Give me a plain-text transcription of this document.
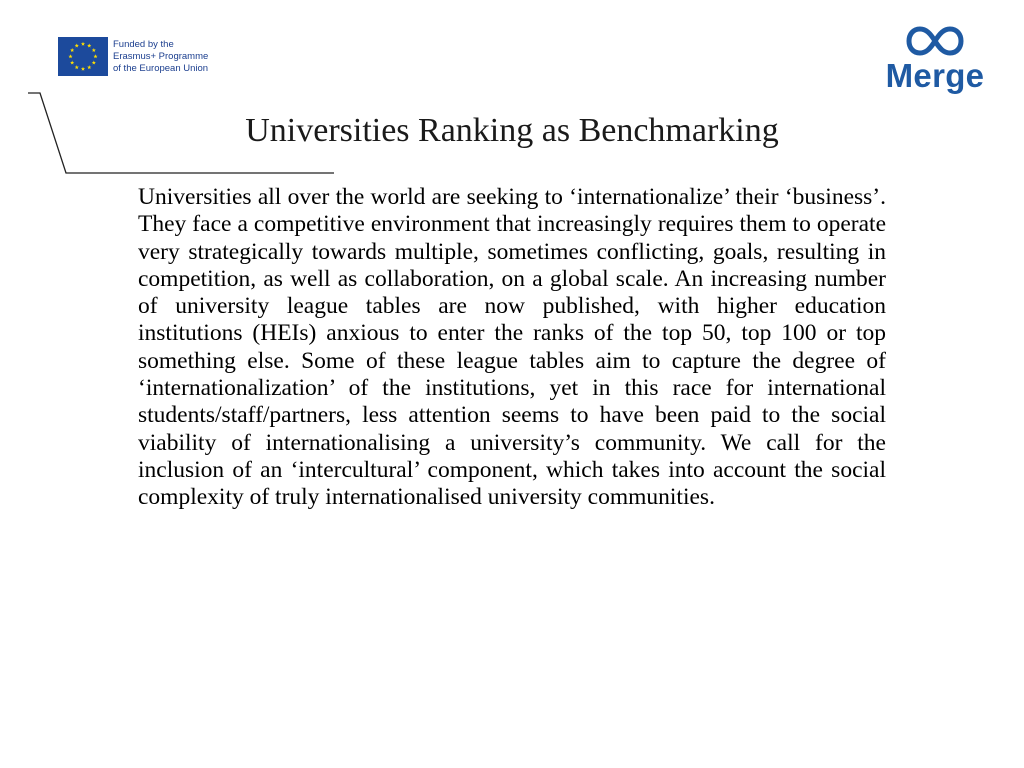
Funded by the
Erasmus+ Programme
of the European Union	Merge
Universities Ranking as Benchmarking

Universities all over the world are seeking to ‘internationalize’ their ‘business’. They face a competitive environment that increasingly requires them to operate very strategically towards multiple, sometimes conflicting, goals, resulting in competition, as well as collaboration, on a global scale. An increasing number of university league tables are now published, with higher education institutions (HEIs) anxious to enter the ranks of the top 50, top 100 or top something else. Some of these league tables aim to capture the degree of ‘internationalization’ of the institutions, yet in this race for international students/staff/partners, less attention seems to have been paid to the social viability of internationalising a university’s community. We call for the inclusion of an ‘intercultural’ component, which takes into account the social complexity of truly internationalised university communities.
